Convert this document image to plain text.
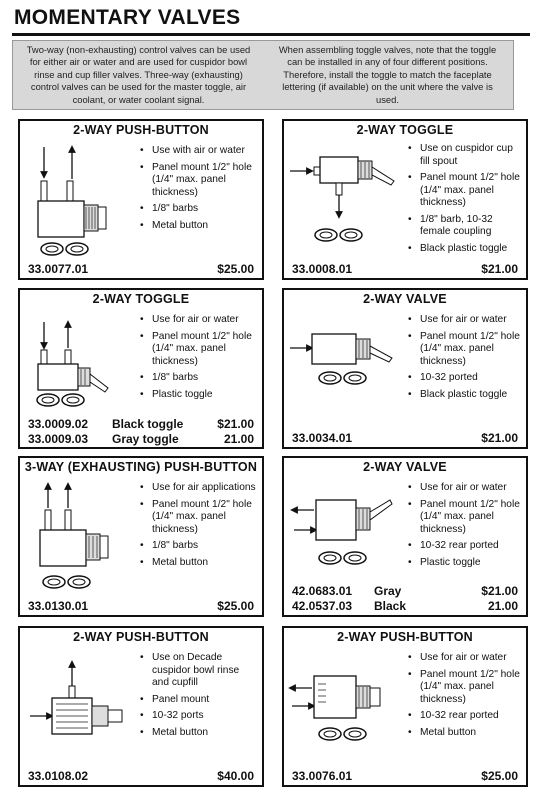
MOMENTARY VALVES

Two-way (non-exhausting) control valves can be used for either air or water and are used for cuspidor bowl rinse and cup filler valves. Three-way (exhausting) control valves can be used for the master toggle, air coolant, or water coolant signal.

When assembling toggle valves, note that the toggle can be installed in any of four different positions. Therefore, install the toggle to match the faceplate lettering (if available) on the unit where the valve is used.

2-WAY PUSH-BUTTON
• Use with air or water
• Panel mount 1/2" hole (1/4" max. panel thickness)
• 1/8" barbs
• Metal button
33.0077.01	$25.00
2-WAY TOGGLE
• Use on cuspidor cup fill spout
• Panel mount 1/2" hole (1/4" max. panel thickness)
• 1/8" barb, 10-32 female coupling
• Black plastic toggle
33.0008.01	$21.00
2-WAY TOGGLE
• Use for air or water
• Panel mount 1/2" hole (1/4" max. panel thickness)
• 1/8" barbs
• Plastic toggle
33.0009.02 Black toggle	$21.00
33.0009.03 Gray toggle	21.00
2-WAY VALVE
• Use for air or water
• Panel mount 1/2" hole (1/4" max. panel thickness)
• 10-32 ported
• Black plastic toggle
33.0034.01	$21.00
3-WAY (EXHAUSTING) PUSH-BUTTON
• Use for air applications
• Panel mount 1/2" hole (1/4" max. panel thickness)
• 1/8" barbs
• Metal button
33.0130.01	$25.00
2-WAY VALVE
• Use for air or water
• Panel mount 1/2" hole (1/4" max. panel thickness)
• 10-32 rear ported
• Plastic toggle
42.0683.01 Gray	$21.00
42.0537.03 Black	21.00
2-WAY PUSH-BUTTON
• Use on Decade cuspidor bowl rinse and cupfill
• Panel mount
• 10-32 ports
• Metal button
33.0108.02	$40.00
2-WAY PUSH-BUTTON
• Use for air or water
• Panel mount 1/2" hole (1/4" max. panel thickness)
• 10-32 rear ported
• Metal button
33.0076.01	$25.00
